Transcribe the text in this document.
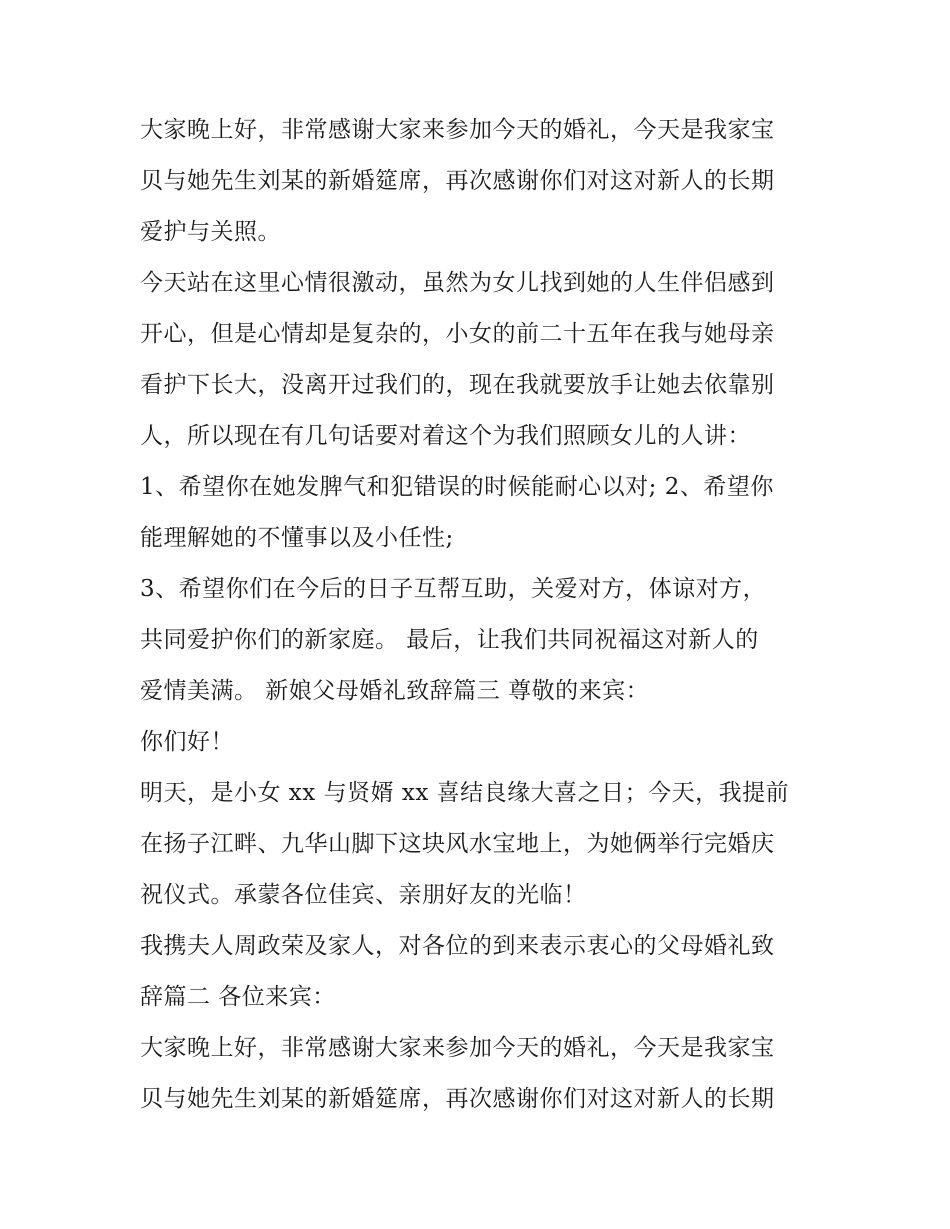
大家晚上好，非常感谢大家来参加今天的婚礼，今天是我家宝
贝与她先生刘某的新婚筵席，再次感谢你们对这对新人的长期
爱护与关照。
今天站在这里心情很激动，虽然为女儿找到她的人生伴侣感到
开心，但是心情却是复杂的，小女的前二十五年在我与她母亲
看护下长大，没离开过我们的，现在我就要放手让她去依靠别
人，所以现在有几句话要对着这个为我们照顾女儿的人讲：
1、希望你在她发脾气和犯错误的时候能耐心以对; 2、希望你
能理解她的不懂事以及小任性;
3、希望你们在今后的日子互帮互助，关爱对方，体谅对方，
共同爱护你们的新家庭。 最后，让我们共同祝福这对新人的
爱情美满。 新娘父母婚礼致辞篇三 尊敬的来宾：
你们好！
明天，是小女 xx 与贤婿 xx 喜结良缘大喜之日；今天，我提前
在扬子江畔、九华山脚下这块风水宝地上，为她俩举行完婚庆
祝仪式。承蒙各位佳宾、亲朋好友的光临！
我携夫人周政荣及家人，对各位的到来表示衷心的父母婚礼致
辞篇二 各位来宾：
大家晚上好，非常感谢大家来参加今天的婚礼，今天是我家宝
贝与她先生刘某的新婚筵席，再次感谢你们对这对新人的长期
